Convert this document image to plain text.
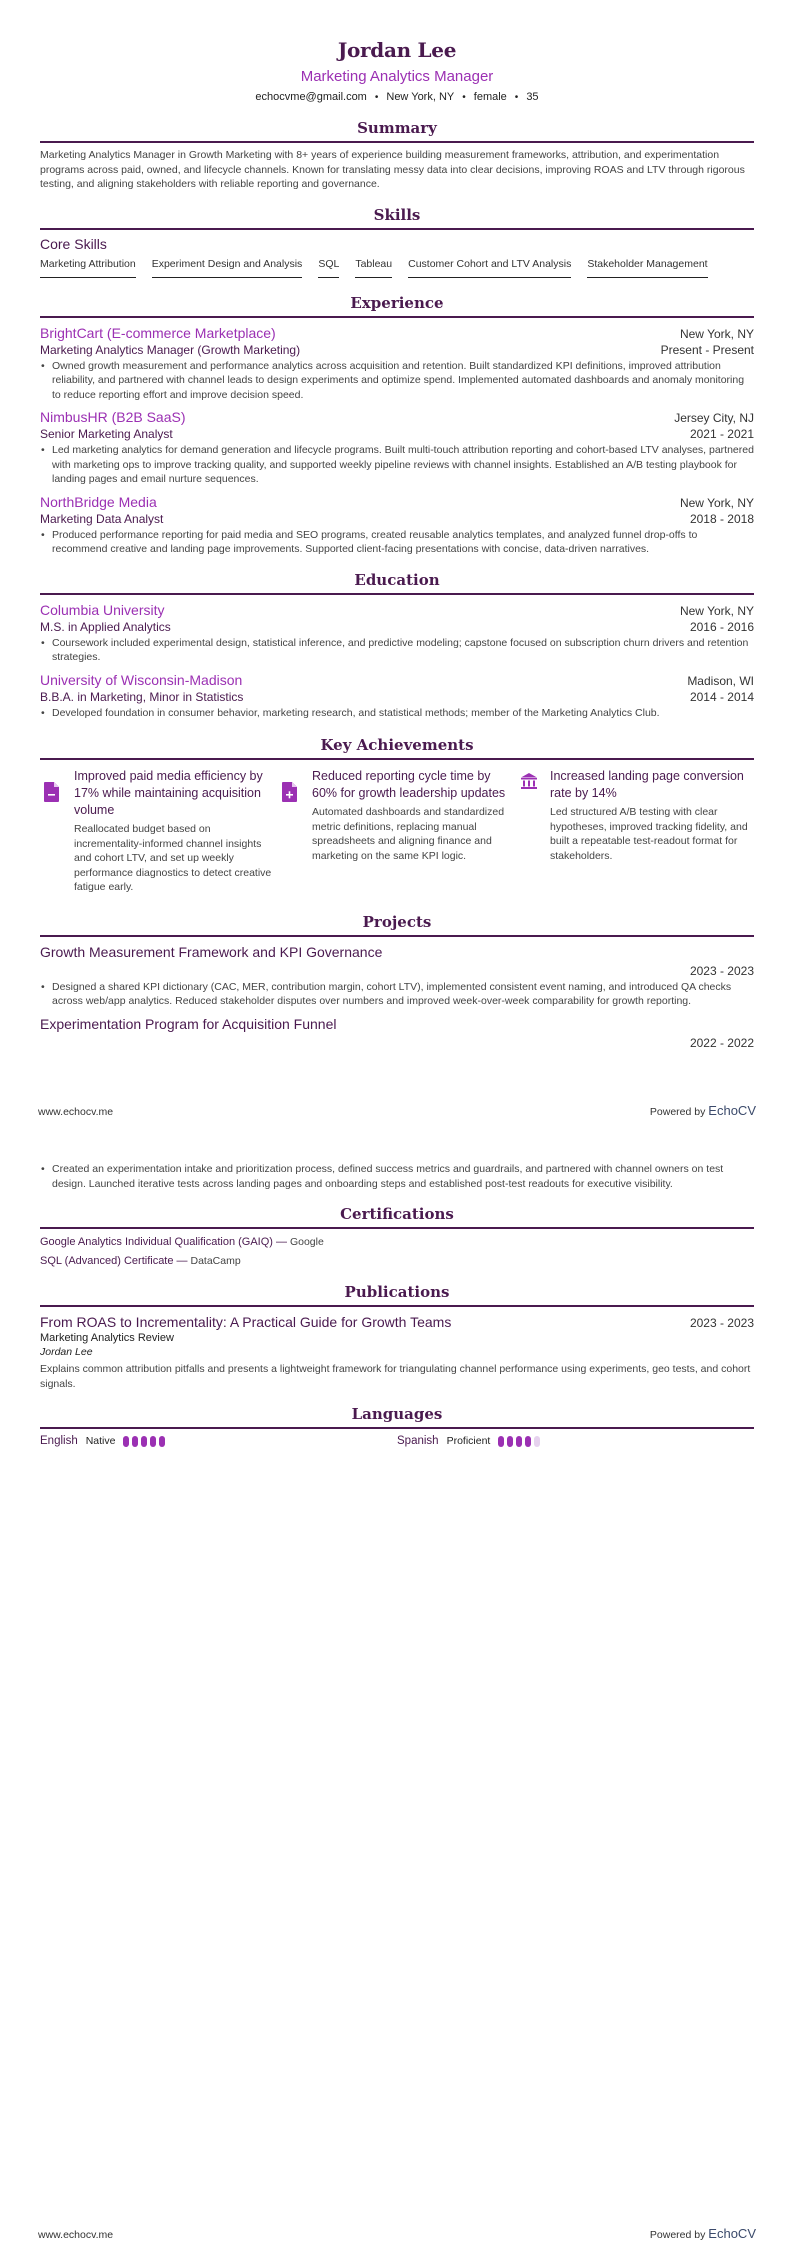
Jordan Lee
Marketing Analytics Manager
echocvme@gmail.com • New York, NY • female • 35
Summary
Marketing Analytics Manager in Growth Marketing with 8+ years of experience building measurement frameworks, attribution, and experimentation programs across paid, owned, and lifecycle channels. Known for translating messy data into clear decisions, improving ROAS and LTV through rigorous testing, and aligning stakeholders with reliable reporting and governance.
Skills
Core Skills
Marketing Attribution Experiment Design and Analysis SQL Tableau Customer Cohort and LTV Analysis Stakeholder Management
Experience
BrightCart (E-commerce Marketplace)	New York, NY
Marketing Analytics Manager (Growth Marketing)	Present - Present
• Owned growth measurement and performance analytics across acquisition and retention. Built standardized KPI definitions, improved attribution reliability, and partnered with channel leads to design experiments and optimize spend. Implemented automated dashboards and anomaly monitoring to reduce reporting effort and improve decision speed.
NimbusHR (B2B SaaS)	Jersey City, NJ
Senior Marketing Analyst	2021 - 2021
• Led marketing analytics for demand generation and lifecycle programs. Built multi-touch attribution reporting and cohort-based LTV analyses, partnered with marketing ops to improve tracking quality, and supported weekly pipeline reviews with channel insights. Established an A/B testing playbook for landing pages and email nurture sequences.
NorthBridge Media	New York, NY
Marketing Data Analyst	2018 - 2018
• Produced performance reporting for paid media and SEO programs, created reusable analytics templates, and analyzed funnel drop-offs to recommend creative and landing page improvements. Supported client-facing presentations with concise, data-driven narratives.
Education
Columbia University	New York, NY
M.S. in Applied Analytics	2016 - 2016
• Coursework included experimental design, statistical inference, and predictive modeling; capstone focused on subscription churn drivers and retention strategies.
University of Wisconsin-Madison	Madison, WI
B.B.A. in Marketing, Minor in Statistics	2014 - 2014
• Developed foundation in consumer behavior, marketing research, and statistical methods; member of the Marketing Analytics Club.
Key Achievements
Improved paid media efficiency by 17% while maintaining acquisition volume
Reallocated budget based on incrementality-informed channel insights and cohort LTV, and set up weekly performance diagnostics to detect creative fatigue early.
Reduced reporting cycle time by 60% for growth leadership updates
Automated dashboards and standardized metric definitions, replacing manual spreadsheets and aligning finance and marketing on the same KPI logic.
Increased landing page conversion rate by 14%
Led structured A/B testing with clear hypotheses, improved tracking fidelity, and built a repeatable test-readout format for stakeholders.
Projects
Growth Measurement Framework and KPI Governance
2023 - 2023
• Designed a shared KPI dictionary (CAC, MER, contribution margin, cohort LTV), implemented consistent event naming, and introduced QA checks across web/app analytics. Reduced stakeholder disputes over numbers and improved week-over-week comparability for growth reporting.
Experimentation Program for Acquisition Funnel
2022 - 2022
www.echocv.me	Powered by EchoCV
• Created an experimentation intake and prioritization process, defined success metrics and guardrails, and partnered with channel owners on test design. Launched iterative tests across landing pages and onboarding steps and established post-test readouts for executive visibility.
Certifications
Google Analytics Individual Qualification (GAIQ) — Google
SQL (Advanced) Certificate — DataCamp
Publications
From ROAS to Incrementality: A Practical Guide for Growth Teams	2023 - 2023
Marketing Analytics Review
Jordan Lee
Explains common attribution pitfalls and presents a lightweight framework for triangulating channel performance using experiments, geo tests, and cohort signals.
Languages
English Native	Spanish Proficient
www.echocv.me	Powered by EchoCV
